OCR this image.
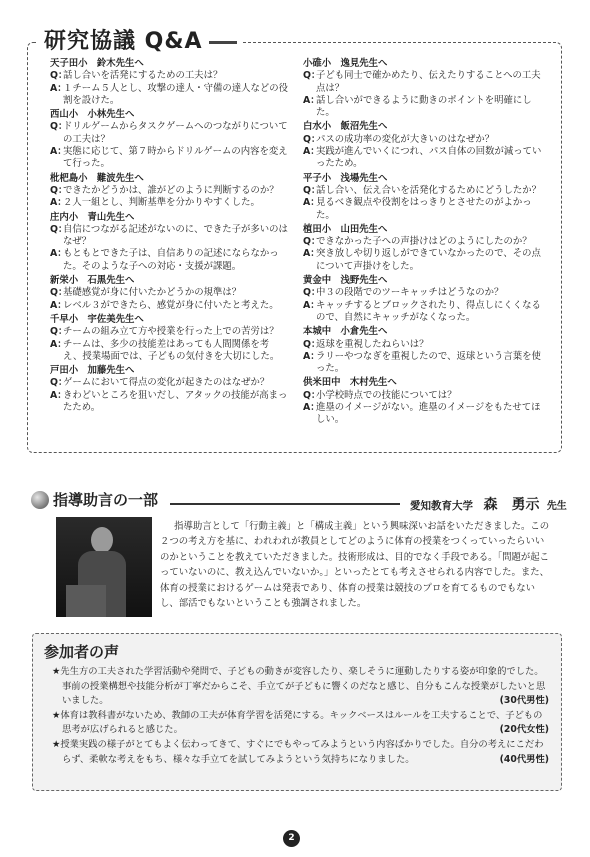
研究協議 Q&A
天子田小　鈴木先生へ
Q：
話し合いを活発にするための工夫は？
A：
１チーム５人とし、攻撃の達人・守備の達人などの役割を設けた。
西山小　小林先生へ
Q：
ドリルゲームからタスクゲームへのつながりについての工夫は？
A：
実態に応じて、第７時からドリルゲームの内容を変えて行った。
枇杷島小　難波先生へ
Q：
できたかどうかは、誰がどのように判断するのか？
A：
２人一組とし、判断基準を分かりやすくした。
庄内小　青山先生へ
Q：
自信につながる記述がないのに、できた子が多いのはなぜ？
A：
もともとできた子は、自信ありの記述にならなかった。そのような子への対応・支援が課題。
新栄小　石黒先生へ
Q：
基礎感覚が身に付いたかどうかの規準は？
A：
レベル３ができたら、感覚が身に付いたと考えた。
千早小　宇佐美先生へ
Q：
チームの組み立て方や授業を行った上での苦労は？
A：
チームは、多少の技能差はあっても人間関係を考え、授業場面では、子どもの気付きを大切にした。
戸田小　加藤先生へ
Q：
ゲームにおいて得点の変化が起きたのはなぜか？
A：
きわどいところを狙いだし、アタックの技能が高まったため。
小碓小　逸見先生へ
Q：
子ども同士で確かめたり、伝えたりすることへの工夫点は？
A：
話し合いができるように動きのポイントを明確にした。
白水小　飯沼先生へ
Q：
パスの成功率の変化が大きいのはなぜか？
A：
実践が進んでいくにつれ、パス自体の回数が減っていったため。
平子小　浅場先生へ
Q：
話し合い、伝え合いを活発化するためにどうしたか？
A：
見るべき観点や役割をはっきりとさせたのがよかった。
植田小　山田先生へ
Q：
できなかった子への声掛けはどのようにしたのか？
A：
突き放しや切り返しができていなかったので、その点について声掛けをした。
黄金中　浅野先生へ
Q：
中３の段階でのツーキャッチはどうなのか？
A：
キャッチするとブロックされたり、得点しにくくなるので、自然にキャッチがなくなった。
本城中　小倉先生へ
Q：
返球を重視したねらいは？
A：
ラリーやつなぎを重視したので、返球という言葉を使った。
供米田中　木村先生へ
Q：
小学校時点での技能については？
A：
進塁のイメージがない。進塁のイメージをもたせてほしい。
指導助言の一部	愛知教育大学　森　勇示 先生
指導助言として「行動主義」と「構成主義」という興味深いお話をいただきました。この２つの考え方を基に、われわれが教員としてどのように体育の授業をつくっていったらいいのかということを教えていただきました。技術形成は、目的でなく手段である。「問題が起こっていないのに、教え込んでいないか。」といったとても考えさせられる内容でした。また、体育の授業におけるゲームは発表であり、体育の授業は競技のプロを育てるものでもないし、部活でもないということも強調されました。
参加者の声
★先生方の工夫された学習活動や発問で、子どもの動きが変容したり、楽しそうに運動したりする姿が印象的でした。事前の授業構想や技能分析が丁寧だからこそ、手立てが子どもに響くのだなと感じ、自分もこんな授業がしたいと思いました。	(30代男性)
★体育は教科書がないため、教師の工夫が体育学習を活発にする。キックベースはルールを工夫することで、子どもの思考が広げられると感じた。	(20代女性)
★授業実践の様子がとてもよく伝わってきて、すぐにでもやってみようという内容ばかりでした。自分の考えにこだわらず、柔軟な考えをもち、様々な手立てを試してみようという気持ちになりました。	(40代男性)
2
